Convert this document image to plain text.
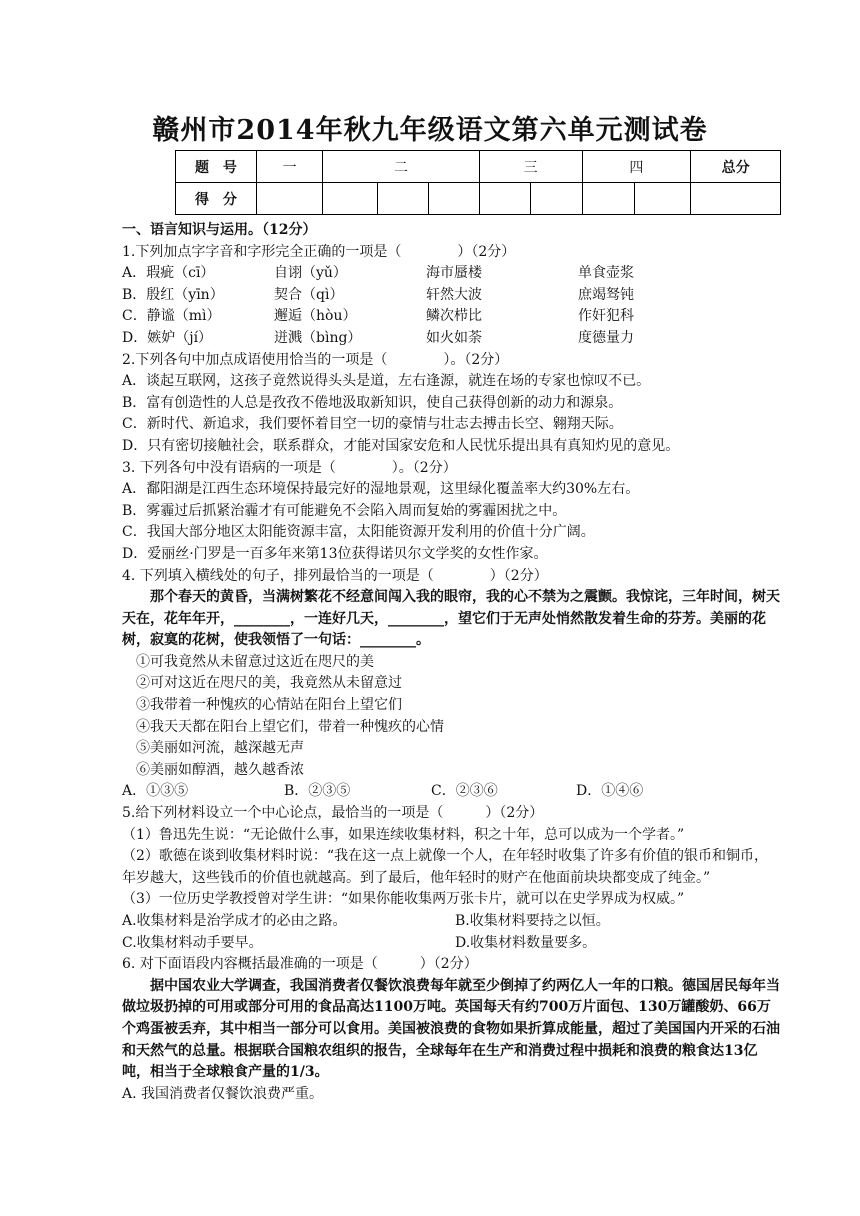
赣州市2014年秋九年级语文第六单元测试卷
题　号	一	二			三		四		总分
得　分									

一、语言知识与运用。（12分）

1.下列加点字字音和字形完全正确的一项是（　　　　）（2分）

A．瑕疵（cī）	自诩（yǔ）	海市蜃楼	单食壶浆

B．殷红（yīn）	契合（qì）	轩然大波	庶竭驽钝

C．静谧（mì）	邂逅（hòu）	鳞次栉比	作奸犯科

D．嫉妒（jí）	迸溅（bìng）	如火如荼	度德量力

2.下列各句中加点成语使用恰当的一项是（　　　　）。（2分）

A．谈起互联网，这孩子竟然说得头头是道，左右逢源，就连在场的专家也惊叹不已。

B．富有创造性的人总是孜孜不倦地汲取新知识，使自己获得创新的动力和源泉。

C．新时代、新追求，我们要怀着目空一切的豪情与壮志去搏击长空、翱翔天际。

D．只有密切接触社会，联系群众，才能对国家安危和人民忧乐提出具有真知灼见的意见。

3. 下列各句中没有语病的一项是（　　　　）。（2分）

A．鄱阳湖是江西生态环境保持最完好的湿地景观，这里绿化覆盖率大约30%左右。

B．雾霾过后抓紧治霾才有可能避免不会陷入周而复始的雾霾困扰之中。

C．我国大部分地区太阳能资源丰富，太阳能资源开发利用的价值十分广阔。

D．爱丽丝·门罗是一百多年来第13位获得诺贝尔文学奖的女性作家。

4. 下列填入横线处的句子，排列最恰当的一项是（　　　　）（2分）

那个春天的黄昏，当满树繁花不经意间闯入我的眼帘，我的心不禁为之震颤。我惊诧，三年时间，树天天在，花年年开，________，一连好几天，________，望它们于无声处悄然散发着生命的芬芳。美丽的花树，寂寞的花树，使我领悟了一句话：________。

①可我竟然从未留意过这近在咫尺的美

②可对这近在咫尺的美，我竟然从未留意过

③我带着一种愧疚的心情站在阳台上望它们

④我天天都在阳台上望它们，带着一种愧疚的心情

⑤美丽如河流，越深越无声

⑥美丽如醇酒，越久越香浓

A．①③⑤	B．②③⑤	C．②③⑥	D．①④⑥

5.给下列材料设立一个中心论点，最恰当的一项是（　　　）（2分）

（1）鲁迅先生说：“无论做什么事，如果连续收集材料，积之十年，总可以成为一个学者。”

（2）歌德在谈到收集材料时说：“我在这一点上就像一个人，在年轻时收集了许多有价值的银币和铜币，年岁越大，这些钱币的价值也就越高。到了最后，他年轻时的财产在他面前块块都变成了纯金。”

（3）一位历史学教授曾对学生讲：“如果你能收集两万张卡片，就可以在史学界成为权威。”

A.收集材料是治学成才的必由之路。	B.收集材料要持之以恒。

C.收集材料动手要早。	D.收集材料数量要多。

6. 对下面语段内容概括最准确的一项是（　　　）（2分）

据中国农业大学调查，我国消费者仅餐饮浪费每年就至少倒掉了约两亿人一年的口粮。德国居民每年当做垃圾扔掉的可用或部分可用的食品高达1100万吨。英国每天有约700万片面包、130万罐酸奶、66万个鸡蛋被丢弃，其中相当一部分可以食用。美国被浪费的食物如果折算成能量，超过了美国国内开采的石油和天然气的总量。根据联合国粮农组织的报告，全球每年在生产和消费过程中损耗和浪费的粮食达13亿吨，相当于全球粮食产量的1/3。

A. 我国消费者仅餐饮浪费严重。
